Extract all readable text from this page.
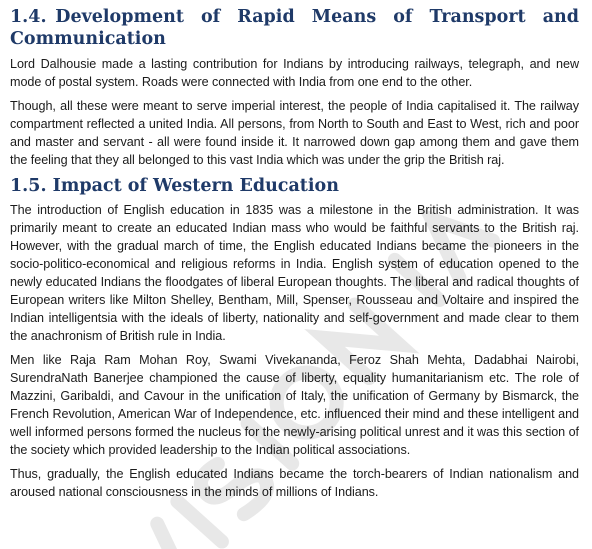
1.4. Development of Rapid Means of Transport and
Communication

Lord Dalhousie made a lasting contribution for Indians by introducing railways, telegraph, and new mode of postal system. Roads were connected with India from one end to the other.

Though, all these were meant to serve imperial interest, the people of India capitalised it. The railway compartment reflected a united India. All persons, from North to South and East to West, rich and poor and master and servant - all were found inside it. It narrowed down gap among them and gave them the feeling that they all belonged to this vast India which was under the grip the British raj.

1.5. Impact of Western Education

The introduction of English education in 1835 was a milestone in the British administration. It was primarily meant to create an educated Indian mass who would be faithful servants to the British raj. However, with the gradual march of time, the English educated Indians became the pioneers in the socio-politico-economical and religious reforms in India. English system of education opened to the newly educated Indians the floodgates of liberal European thoughts. The liberal and radical thoughts of European writers like Milton Shelley, Bentham, Mill, Spenser, Rousseau and Voltaire and inspired the Indian intelligentsia with the ideals of liberty, nationality and self-government and made clear to them the anachronism of British rule in India.

Men like Raja Ram Mohan Roy, Swami Vivekananda, Feroz Shah Mehta, Dadabhai Nairobi, SurendraNath Banerjee championed the cause of liberty, equality humanitarianism etc. The role of Mazzini, Garibaldi, and Cavour in the unification of Italy, the unification of Germany by Bismarck, the French Revolution, American War of Independence, etc. influenced their mind and these intelligent and well informed persons formed the nucleus for the newly-arising political unrest and it was this section of the society which provided leadership to the Indian political associations.

Thus, gradually, the English educated Indians became the torch-bearers of Indian nationalism and aroused national consciousness in the minds of millions of Indians.
